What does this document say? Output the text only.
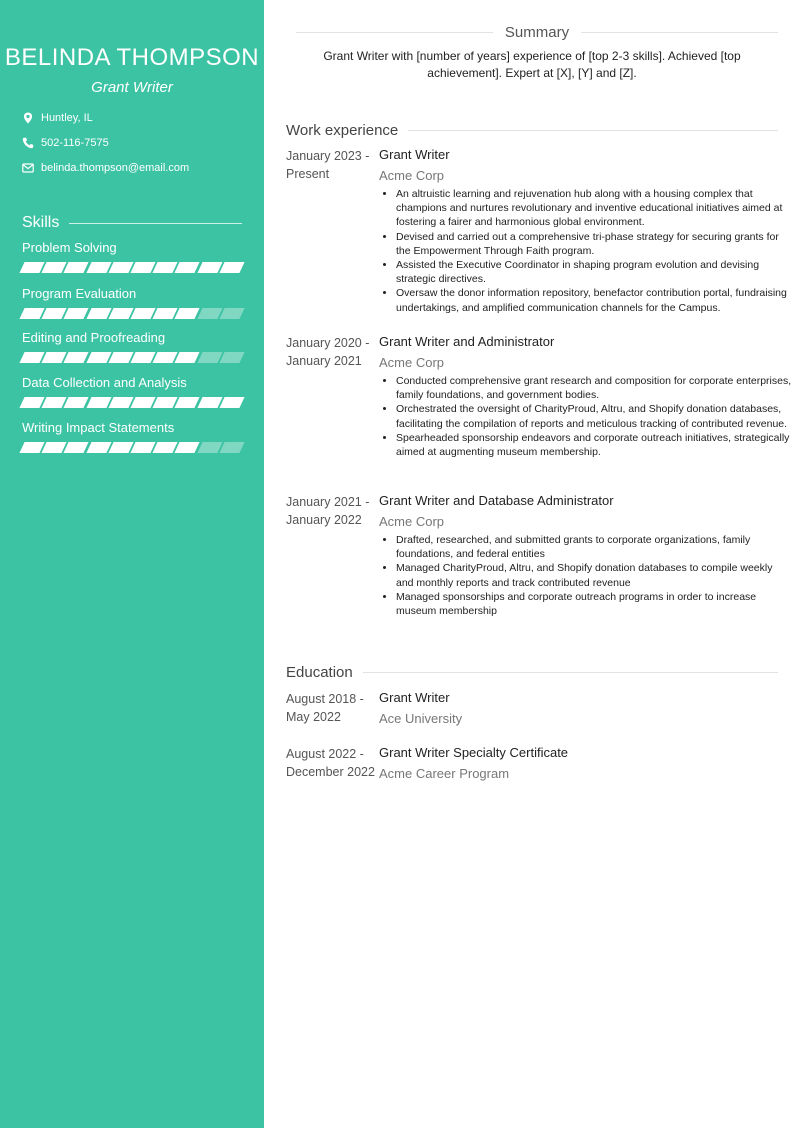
BELINDA THOMPSON

Grant Writer

Huntley, IL
502-116-7575
belinda.thompson@email.com
Skills

Problem Solving

Program Evaluation

Editing and Proofreading

Data Collection and Analysis

Writing Impact Statements

Summary

Grant Writer with [number of years] experience of [top 2-3 skills]. Achieved [top achievement]. Expert at [X], [Y] and [Z].

Work experience
January 2023 -
Present

Grant Writer

Acme Corp

• An altruistic learning and rejuvenation hub along with a housing complex that champions and nurtures revolutionary and inventive educational initiatives aimed at fostering a fairer and harmonious global environment.
• Devised and carried out a comprehensive tri-phase strategy for securing grants for the Empowerment Through Faith program.
• Assisted the Executive Coordinator in shaping program evolution and devising strategic directives.
• Oversaw the donor information repository, benefactor contribution portal, fundraising undertakings, and amplified communication channels for the Campus.
January 2020 -
January 2021

Grant Writer and Administrator

Acme Corp

• Conducted comprehensive grant research and composition for corporate enterprises, family foundations, and government bodies.
• Orchestrated the oversight of CharityProud, Altru, and Shopify donation databases, facilitating the compilation of reports and meticulous tracking of contributed revenue.
• Spearheaded sponsorship endeavors and corporate outreach initiatives, strategically aimed at augmenting museum membership.
January 2021 -
January 2022

Grant Writer and Database Administrator

Acme Corp

• Drafted, researched, and submitted grants to corporate organizations, family foundations, and federal entities
• Managed CharityProud, Altru, and Shopify donation databases to compile weekly and monthly reports and track contributed revenue
• Managed sponsorships and corporate outreach programs in order to increase museum membership
Education
August 2018 -
May 2022

Grant Writer

Ace University

August 2022 -
December 2022

Grant Writer Specialty Certificate

Acme Career Program
